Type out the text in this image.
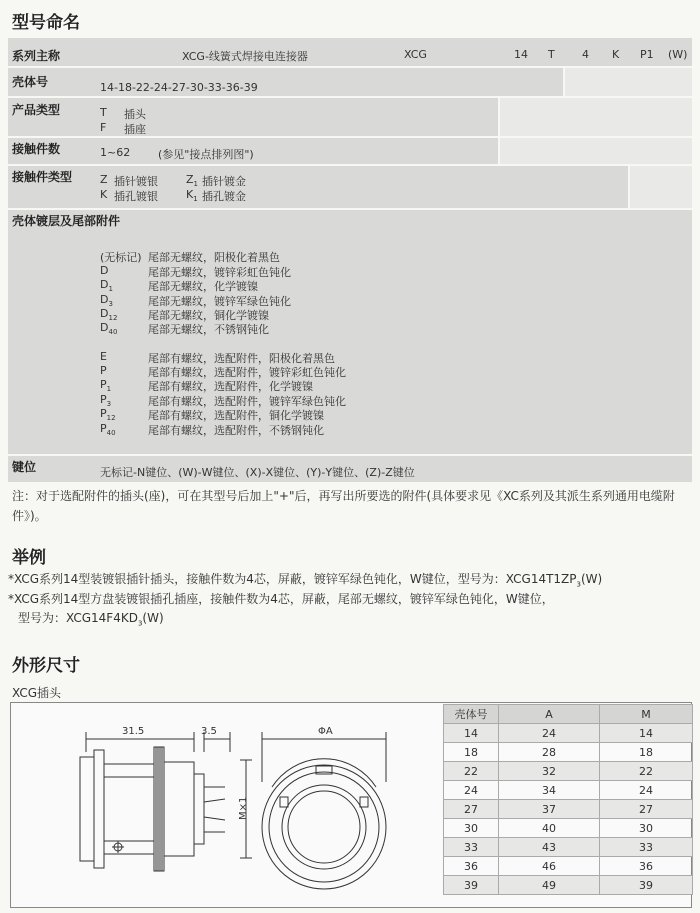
型号命名
系列主称	XCG-线簧式焊接电连接器	XCG	14 T 4 K P1 (W)
壳体号	14-18-22-24-27-30-33-36-39
产品类型	T 插头
F 插座
接触件数	1~62	(参见"接点排列图")
接触件类型	Z 插针镀银	$Z_1$ 插针镀金
K 插孔镀银	$K_1$ 插孔镀金
壳体镀层及尾部附件
(无标记) 尾部无螺纹，阳极化着黑色
D	尾部无螺纹，镀锌彩虹色钝化
$D_1$	尾部无螺纹，化学镀镍
$D_3$	尾部无螺纹，镀锌军绿色钝化
$D_{12}$	尾部无螺纹，铜化学镀镍
$D_{40}$	尾部无螺纹，不锈钢钝化
E	尾部有螺纹，选配附件，阳极化着黑色
P	尾部有螺纹，选配附件，镀锌彩虹色钝化
$P_1$	尾部有螺纹，选配附件，化学镀镍
$P_3$	尾部有螺纹，选配附件，镀锌军绿色钝化
$P_{12}$	尾部有螺纹，选配附件，铜化学镀镍
$P_{40}$	尾部有螺纹，选配附件，不锈钢钝化
键位	无标记-N键位、(W)-W键位、(X)-X键位、(Y)-Y键位、(Z)-Z键位
注：对于选配附件的插头(座)，可在其型号后加上"+"后，再写出所要选的附件(具体要求见《XC系列及其派生系列通用电缆附件》)。
举例
*XCG系列14型装镀银插针插头，接触件数为4芯，屏蔽，镀锌军绿色钝化，W键位，型号为：$XCG14T1ZP_3(W)$
*XCG系列14型方盘装镀银插孔插座，接触件数为4芯，屏蔽，尾部无螺纹，镀锌军绿色钝化，W键位，
型号为：$XCG14F4KD_3(W)$
外形尺寸
XCG插头
31.5	3.5	ΦA
M×1
壳体号	A	M
14	24	14
18	28	18
22	32	22
24	34	24
27	37	27
30	40	30
33	43	33
36	46	36
39	49	39
